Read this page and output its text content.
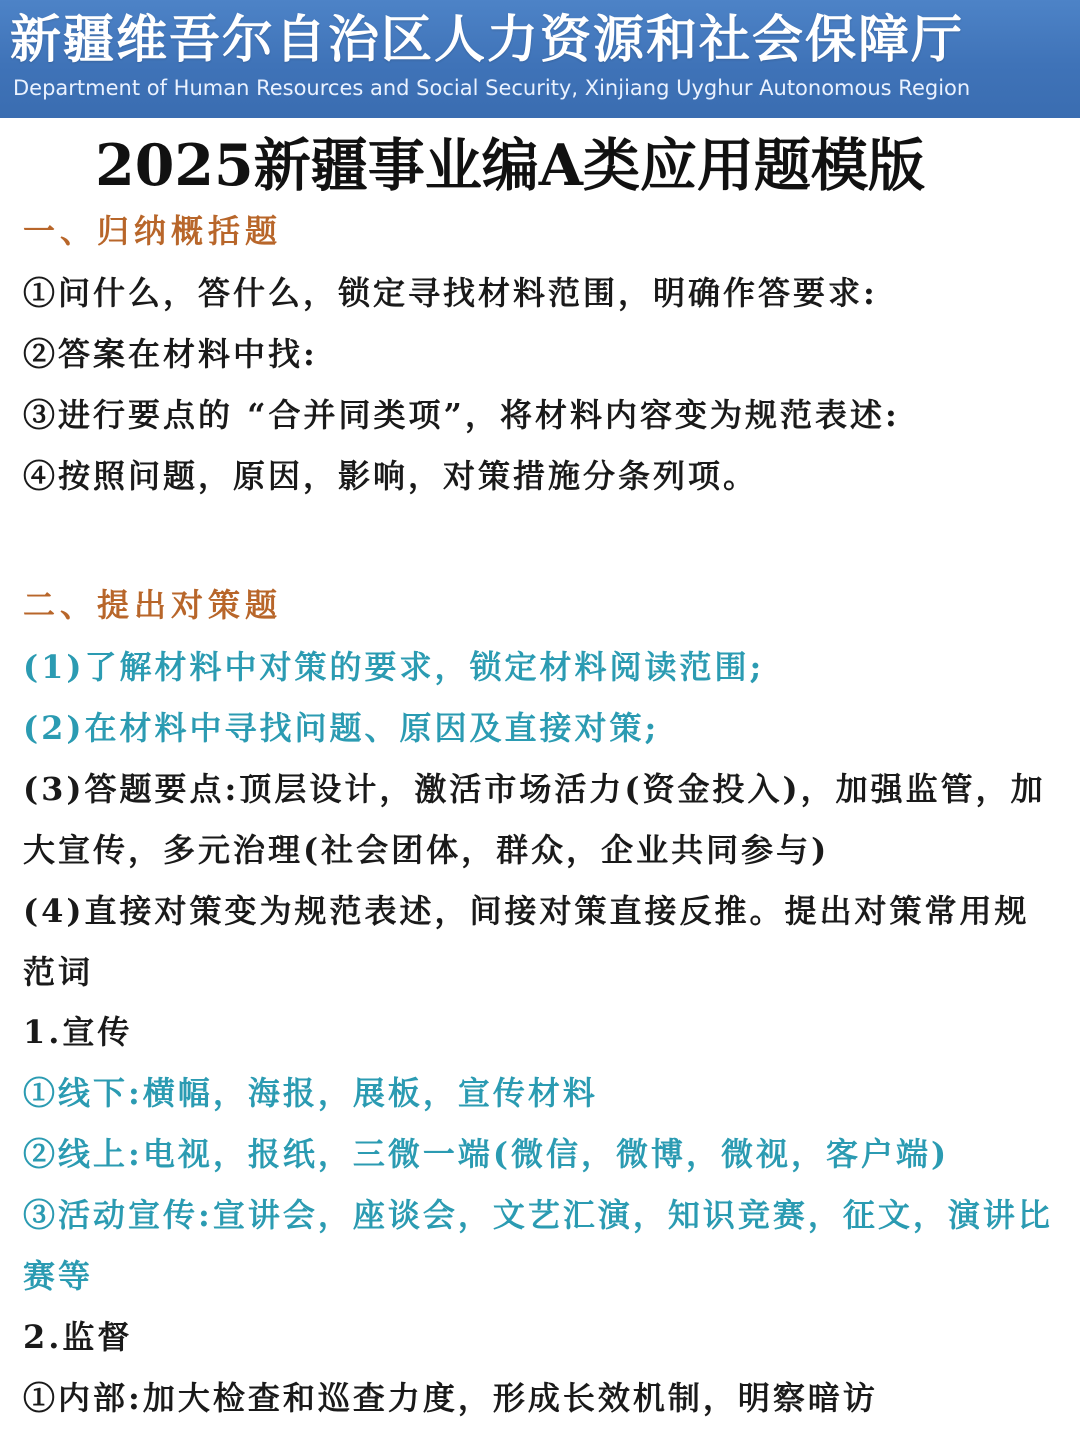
新疆维吾尔自治区人力资源和社会保障厅
Department of Human Resources and Social Security, Xinjiang Uyghur Autonomous Region
2025新疆事业编A类应用题模版
一、归纳概括题
①问什么，答什么，锁定寻找材料范围，明确作答要求:
②答案在材料中找:
③进行要点的 “合并同类项”，将材料内容变为规范表述:
④按照问题，原因，影响，对策措施分条列项。
二、提出对策题
(1)了解材料中对策的要求，锁定材料阅读范围;
(2)在材料中寻找问题、原因及直接对策;
(3)答题要点:顶层设计，激活市场活力(资金投入)，加强监管，加大宣传，多元治理(社会团体，群众，企业共同参与)
(4)直接对策变为规范表述，间接对策直接反推。提出对策常用规范词
1.宣传
①线下:横幅，海报，展板，宣传材料
②线上:电视，报纸，三微一端(微信，微博，微视，客户端)
③活动宣传:宣讲会，座谈会，文艺汇演，知识竞赛，征文，演讲比赛等
2.监督
①内部:加大检查和巡查力度，形成长效机制，明察暗访
